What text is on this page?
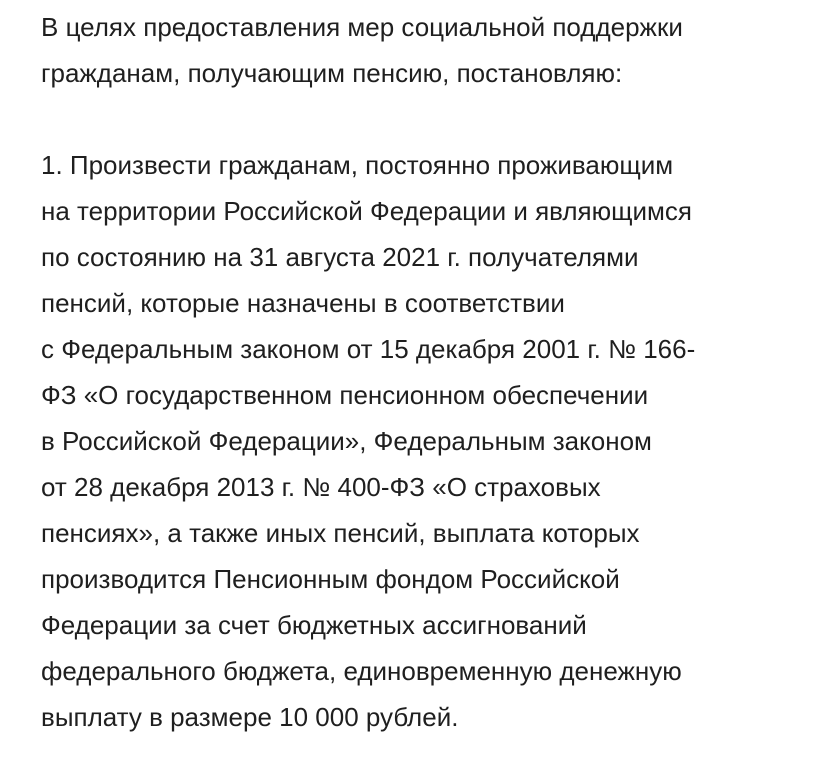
В целях предоставления мер социальной поддержки
гражданам, получающим пенсию, постановляю:
1. Произвести гражданам, постоянно проживающим
на территории Российской Федерации и являющимся
по состоянию на 31 августа 2021 г. получателями
пенсий, которые назначены в соответствии
с Федеральным законом от 15 декабря 2001 г. № 166-
ФЗ «О государственном пенсионном обеспечении
в Российской Федерации», Федеральным законом
от 28 декабря 2013 г. № 400-ФЗ «О страховых
пенсиях», а также иных пенсий, выплата которых
производится Пенсионным фондом Российской
Федерации за счет бюджетных ассигнований
федерального бюджета, единовременную денежную
выплату в размере 10 000 рублей.
